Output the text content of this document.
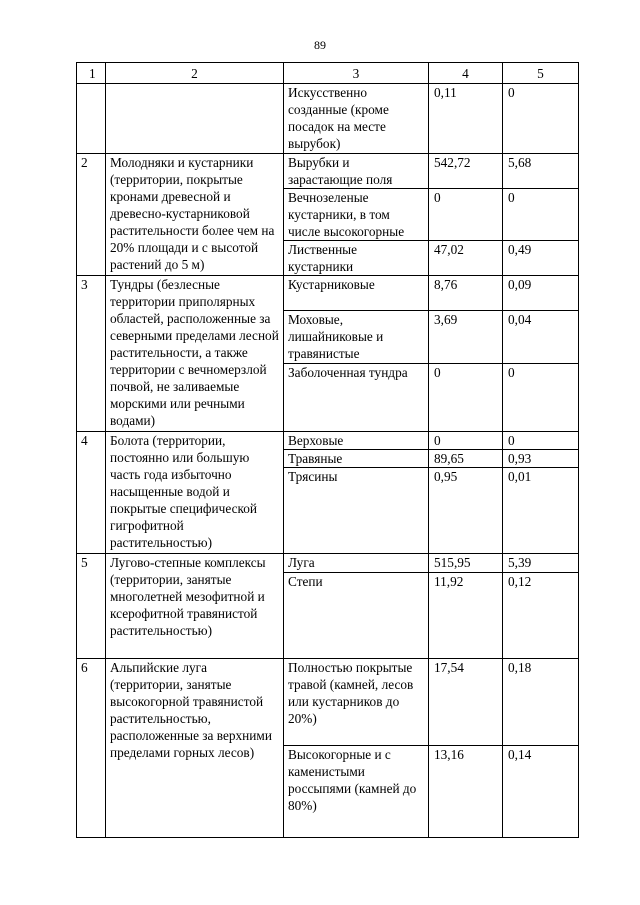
89
1	2	3	4	5
		Искусственно созданные (кроме посадок на месте вырубок)	0,11	0
2	Молодняки и кустарники (территории, покрытые кронами древесной и древесно-кустарниковой растительности более чем на 20% площади и с высотой растений до 5 м)	Вырубки и зарастающие поля	542,72	5,68
		Вечнозеленые кустарники, в том числе высокогорные	0	0
		Лиственные кустарники	47,02	0,49
3	Тундры (безлесные территории приполярных областей, расположенные за северными пределами лесной растительности, а также территории с вечномерзлой почвой, не заливаемые морскими или речными водами)	Кустарниковые	8,76	0,09
		Моховые, лишайниковые и травянистые	3,69	0,04
		Заболоченная тундра	0	0
4	Болота (территории, постоянно или большую часть года избыточно насыщенные водой и покрытые специфической гигрофитной растительностью)	Верховые	0	0
		Травяные	89,65	0,93
		Трясины	0,95	0,01
5	Лугово-степные комплексы (территории, занятые многолетней мезофитной и ксерофитной травянистой растительностью)	Луга	515,95	5,39
		Степи	11,92	0,12
6	Альпийские луга (территории, занятые высокогорной травянистой растительностью, расположенные за верхними пределами горных лесов)	Полностью покрытые травой (камней, лесов или кустарников до 20%)	17,54	0,18
		Высокогорные и с каменистыми россыпями (камней до 80%)	13,16	0,14
